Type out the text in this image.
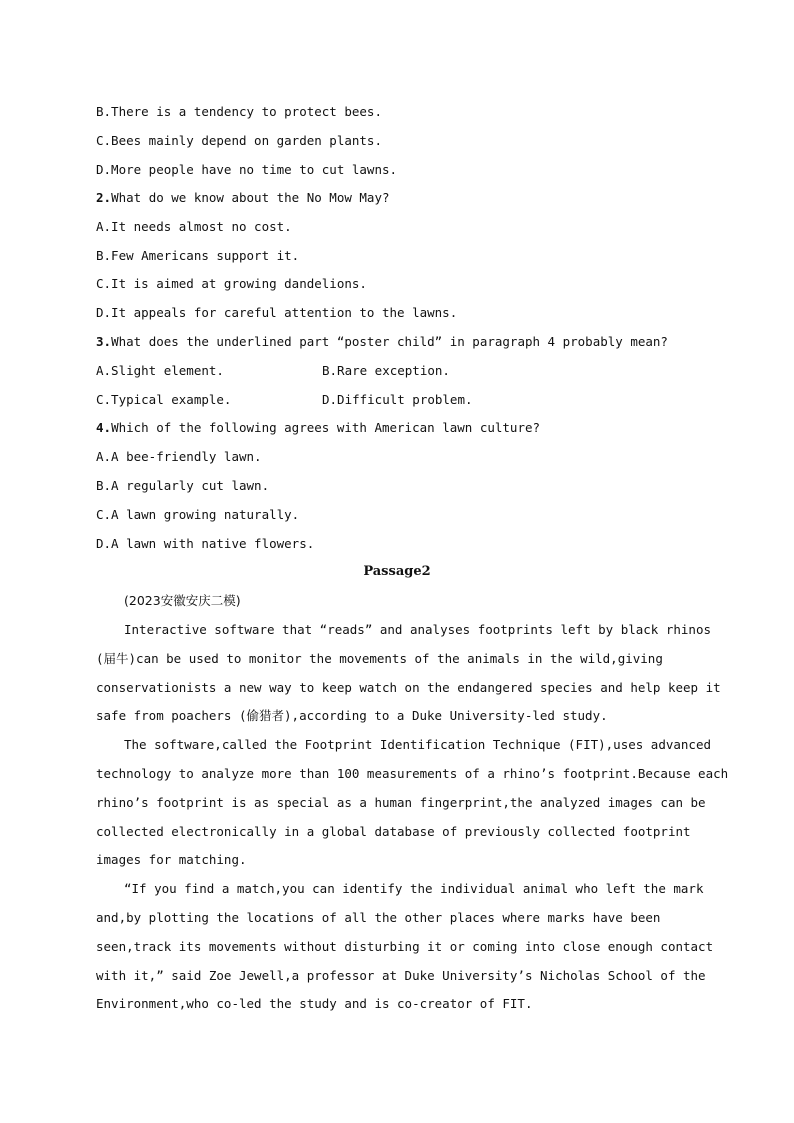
B.There is a tendency to protect bees.
C.Bees mainly depend on garden plants.
D.More people have no time to cut lawns.
2.What do we know about the No Mow May?
A.It needs almost no cost.
B.Few Americans support it.
C.It is aimed at growing dandelions.
D.It appeals for careful attention to the lawns.
3.What does the underlined part “poster child” in paragraph 4 probably mean?
A.Slight element.	B.Rare exception.
C.Typical example.	D.Difficult problem.
4.Which of the following agrees with American lawn culture?
A.A bee-friendly lawn.
B.A regularly cut lawn.
C.A lawn growing naturally.
D.A lawn with native flowers.
Passage2
(2023安徽安庆二模)
Interactive software that “reads” and analyses footprints left by black rhinos
(届牛)can be used to monitor the movements of the animals in the wild,giving
conservationists a new way to keep watch on the endangered species and help keep it
safe from poachers (偷猎者),according to a Duke University-led study.
The software,called the Footprint Identification Technique (FIT),uses advanced
technology to analyze more than 100 measurements of a rhino’s footprint.Because each
rhino’s footprint is as special as a human fingerprint,the analyzed images can be
collected electronically in a global database of previously collected footprint
images for matching.
“If you find a match,you can identify the individual animal who left the mark
and,by plotting the locations of all the other places where marks have been
seen,track its movements without disturbing it or coming into close enough contact
with it,” said Zoe Jewell,a professor at Duke University’s Nicholas School of the
Environment,who co-led the study and is co-creator of FIT.
